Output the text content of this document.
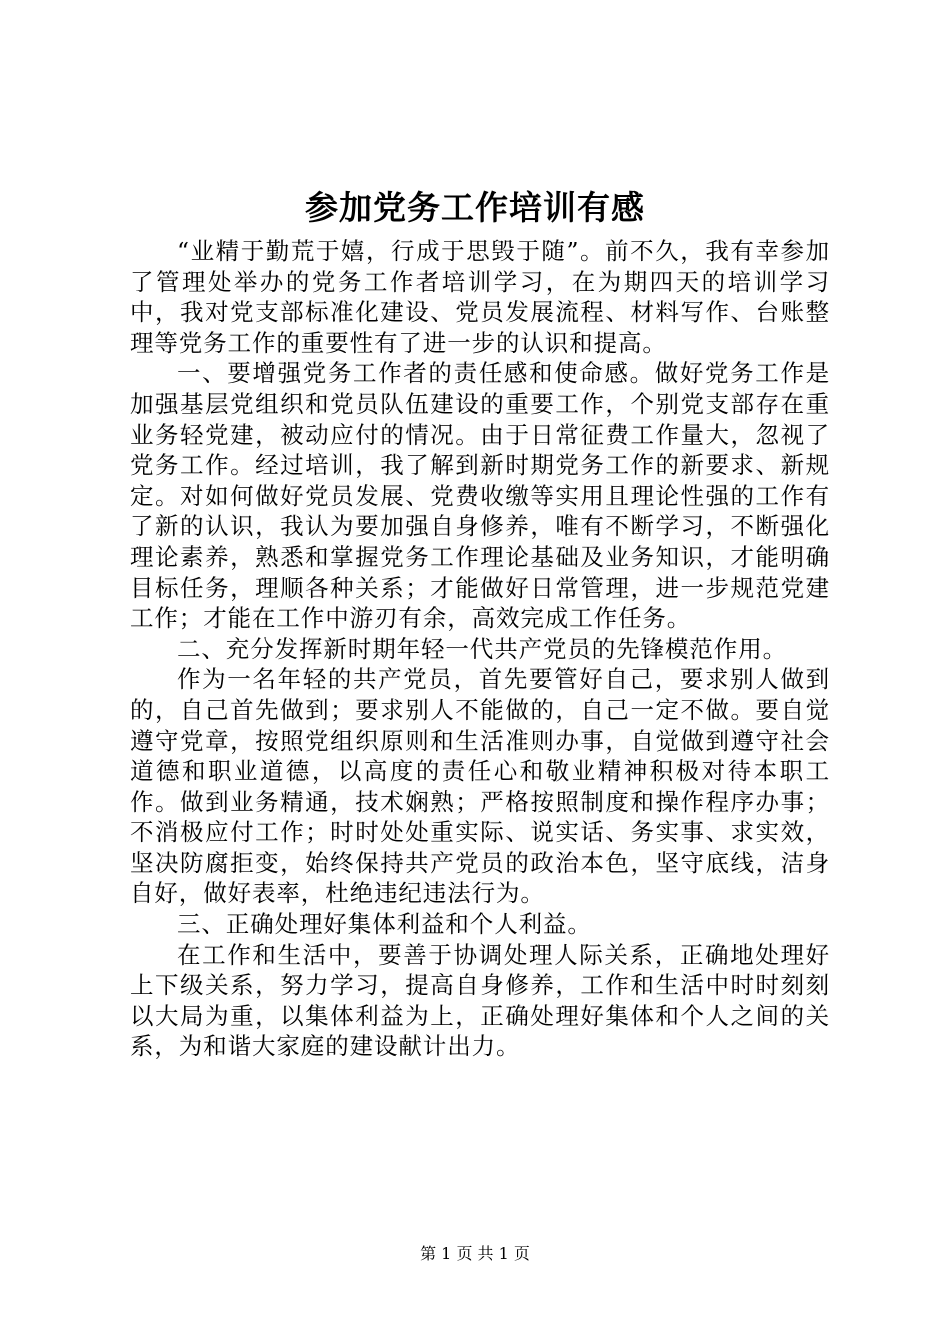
参加党务工作培训有感

“业精于勤荒于嬉，行成于思毁于随”。前不久，我有幸参加了管理处举办的党务工作者培训学习，在为期四天的培训学习中，我对党支部标准化建设、党员发展流程、材料写作、台账整理等党务工作的重要性有了进一步的认识和提高。

一、要增强党务工作者的责任感和使命感。做好党务工作是加强基层党组织和党员队伍建设的重要工作，个别党支部存在重业务轻党建，被动应付的情况。由于日常征费工作量大，忽视了党务工作。经过培训，我了解到新时期党务工作的新要求、新规定。对如何做好党员发展、党费收缴等实用且理论性强的工作有了新的认识，我认为要加强自身修养，唯有不断学习，不断强化理论素养，熟悉和掌握党务工作理论基础及业务知识，才能明确目标任务，理顺各种关系；才能做好日常管理，进一步规范党建工作；才能在工作中游刃有余，高效完成工作任务。

二、充分发挥新时期年轻一代共产党员的先锋模范作用。

作为一名年轻的共产党员，首先要管好自己，要求别人做到的，自己首先做到；要求别人不能做的，自己一定不做。要自觉遵守党章，按照党组织原则和生活准则办事，自觉做到遵守社会道德和职业道德，以高度的责任心和敬业精神积极对待本职工作。做到业务精通，技术娴熟；严格按照制度和操作程序办事；不消极应付工作；时时处处重实际、说实话、务实事、求实效，坚决防腐拒变，始终保持共产党员的政治本色，坚守底线，洁身自好，做好表率，杜绝违纪违法行为。

三、正确处理好集体利益和个人利益。

在工作和生活中，要善于协调处理人际关系，正确地处理好上下级关系，努力学习，提高自身修养，工作和生活中时时刻刻以大局为重，以集体利益为上，正确处理好集体和个人之间的关系，为和谐大家庭的建设献计出力。

第 1 页 共 1 页
